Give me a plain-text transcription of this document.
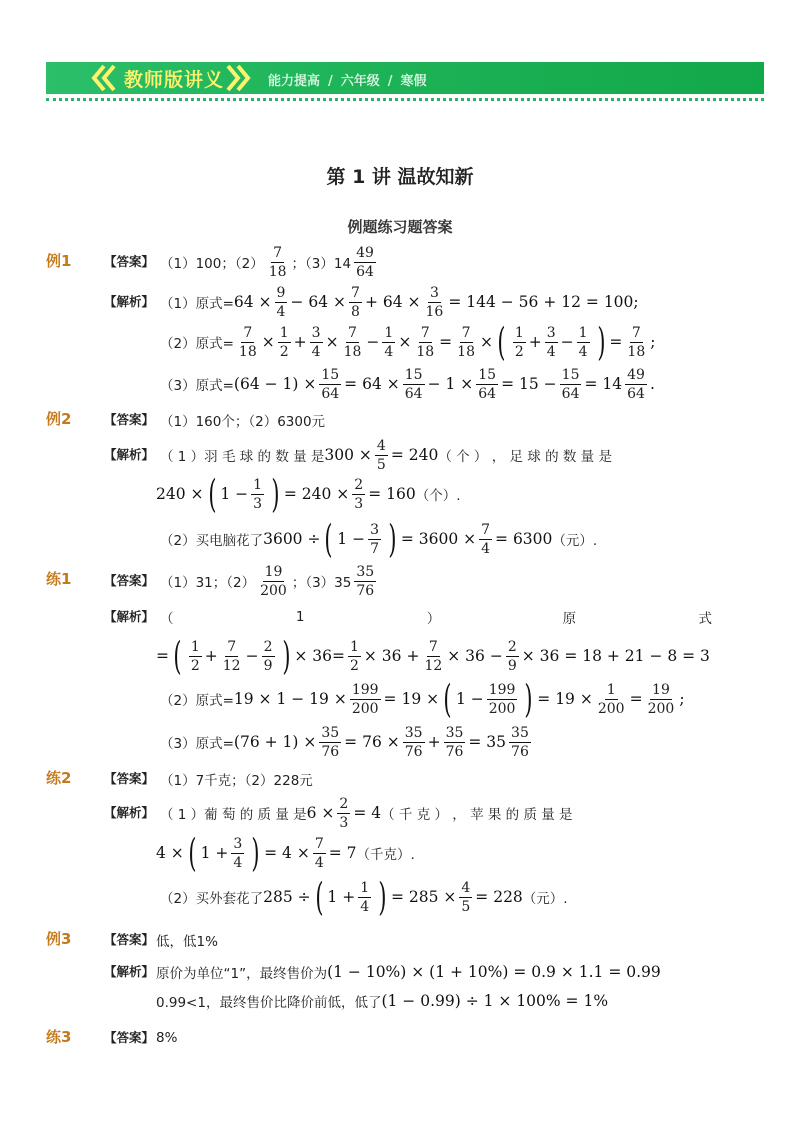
教师版讲义	能力提高 / 六年级 / 寒假
第 1 讲 温故知新
例题练习题答案
例1	【答案】 （1）100；$(2) \frac{7}{18}$ ；$(3)14 \frac{49}{64}$
【解析】 （1）原式= $64 \times \frac{9}{4} - 64 \times \frac{7}{8} + 64 \times \frac{3}{16} = 144 - 56 + 12 = 100$;
（2）原式= $\frac{7}{18} \times \frac{1}{2} + \frac{3}{4} \times \frac{7}{18} - \frac{1}{4} \times \frac{7}{18} = \frac{7}{18}$ × ( $\frac{1}{2} + \frac{3}{4} - \frac{1}{4}$ ) = $\frac{7}{18}$ ;
（3）原式= $(64 - 1) \times \frac{15}{64} = 64 \times \frac{15}{64} - 1 \times \frac{15}{64} = 15 - \frac{15}{64} = 14 \frac{49}{64}$ .
例2	【答案】 （1）160个；（2）6300元
【解析】 （ 1 ）羽 毛 球 的 数 量 是 $300 \times \frac{4}{5} = 240$ （ 个 ） ， 足 球 的 数 量 是
240 × ( $1 - \frac{1}{3}$ ) = $240 \times \frac{2}{3} = 160$ （个）.
（2）买电脑花了 3600 ÷ ( $1 - \frac{3}{7}$ ) = $3600 \times \frac{7}{4} = 6300$ （元）.
练1	【答案】 （1）31；$(2) \frac{19}{200}$ ；$(3)35 \frac{35}{76}$
【解析】 （	1	）	原	式
= ( $\frac{1}{2} + \frac{7}{12} - \frac{2}{9}$ ) × $36= \frac{1}{2} \times 36 + \frac{7}{12} \times 36 - \frac{2}{9} \times 36 = 18 + 21 - 8 = 3$
（2）原式= $19 \times 1 - 19 \times \frac{199}{200} = 19$ × ( $1 - \frac{199}{200}$ ) = $19 \times \frac{1}{200} = \frac{19}{200}$ ;
（3）原式= $(76 + 1) \times \frac{35}{76} = 76 \times \frac{35}{76} + \frac{35}{76} = 35 \frac{35}{76}$
练2	【答案】 （1）7千克；（2）228元
【解析】 （ 1 ）葡 萄 的 质 量 是 $6 \times \frac{2}{3} = 4$ （ 千 克 ） ， 苹 果 的 质 量 是
4 × ( $1 + \frac{3}{4}$ ) = $4 \times \frac{7}{4} = 7$ （千克）.
（2）买外套花了 285 ÷ ( $1 + \frac{1}{4}$ ) = $285 \times \frac{4}{5} = 228$ （元）.
例3	【答案】 低，低1%
【解析】 原价为单位“1”，最终售价为 (1 − 10%) × (1 + 10%) = 0.9 × 1.1 = 0.99
0.99<1，最终售价比降价前低，低了 (1 − 0.99) ÷ 1 × 100% = 1%
练3	【答案】 8%
